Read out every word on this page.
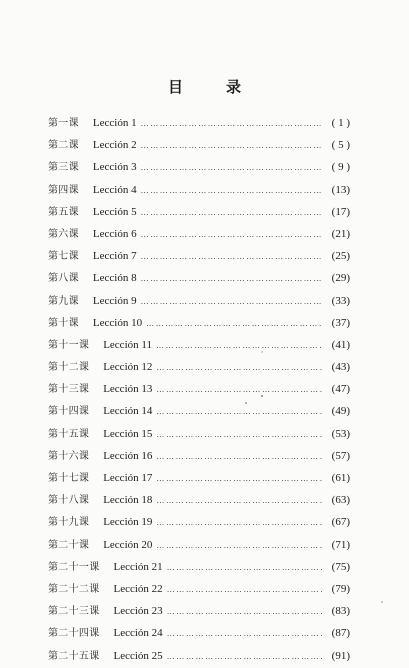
目　录
第一课	Lección 1 ……………………………………………………………………………………………………………………………………………………	( 1 )
第二课	Lección 2 ……………………………………………………………………………………………………………………………………………………	( 5 )
第三课	Lección 3 ……………………………………………………………………………………………………………………………………………………	( 9 )
第四课	Lección 4 ……………………………………………………………………………………………………………………………………………………	(13)
第五课	Lección 5 ……………………………………………………………………………………………………………………………………………………	(17)
第六课	Lección 6 ……………………………………………………………………………………………………………………………………………………	(21)
第七课	Lección 7 ……………………………………………………………………………………………………………………………………………………	(25)
第八课	Lección 8 ……………………………………………………………………………………………………………………………………………………	(29)
第九课	Lección 9 ……………………………………………………………………………………………………………………………………………………	(33)
第十课	Lección 10 ……………………………………………………………………………………………………………………………………………………	(37)
第十一课	Lección 11 ……………………………………………………………………………………………………………………………………………………	(41)
第十二课	Lección 12 ……………………………………………………………………………………………………………………………………………………	(43)
第十三课	Lección 13 ……………………………………………………………………………………………………………………………………………………	(47)
第十四课	Lección 14 ……………………………………………………………………………………………………………………………………………………	(49)
第十五课	Lección 15 ……………………………………………………………………………………………………………………………………………………	(53)
第十六课	Lección 16 ……………………………………………………………………………………………………………………………………………………	(57)
第十七课	Lección 17 ……………………………………………………………………………………………………………………………………………………	(61)
第十八课	Lección 18 ……………………………………………………………………………………………………………………………………………………	(63)
第十九课	Lección 19 ……………………………………………………………………………………………………………………………………………………	(67)
第二十课	Lección 20 ……………………………………………………………………………………………………………………………………………………	(71)
第二十一课	Lección 21 ……………………………………………………………………………………………………………………………………………………	(75)
第二十二课	Lección 22 ……………………………………………………………………………………………………………………………………………………	(79)
第二十三课	Lección 23 ……………………………………………………………………………………………………………………………………………………	(83)
第二十四课	Lección 24 ……………………………………………………………………………………………………………………………………………………	(87)
第二十五课	Lección 25 ……………………………………………………………………………………………………………………………………………………	(91)
